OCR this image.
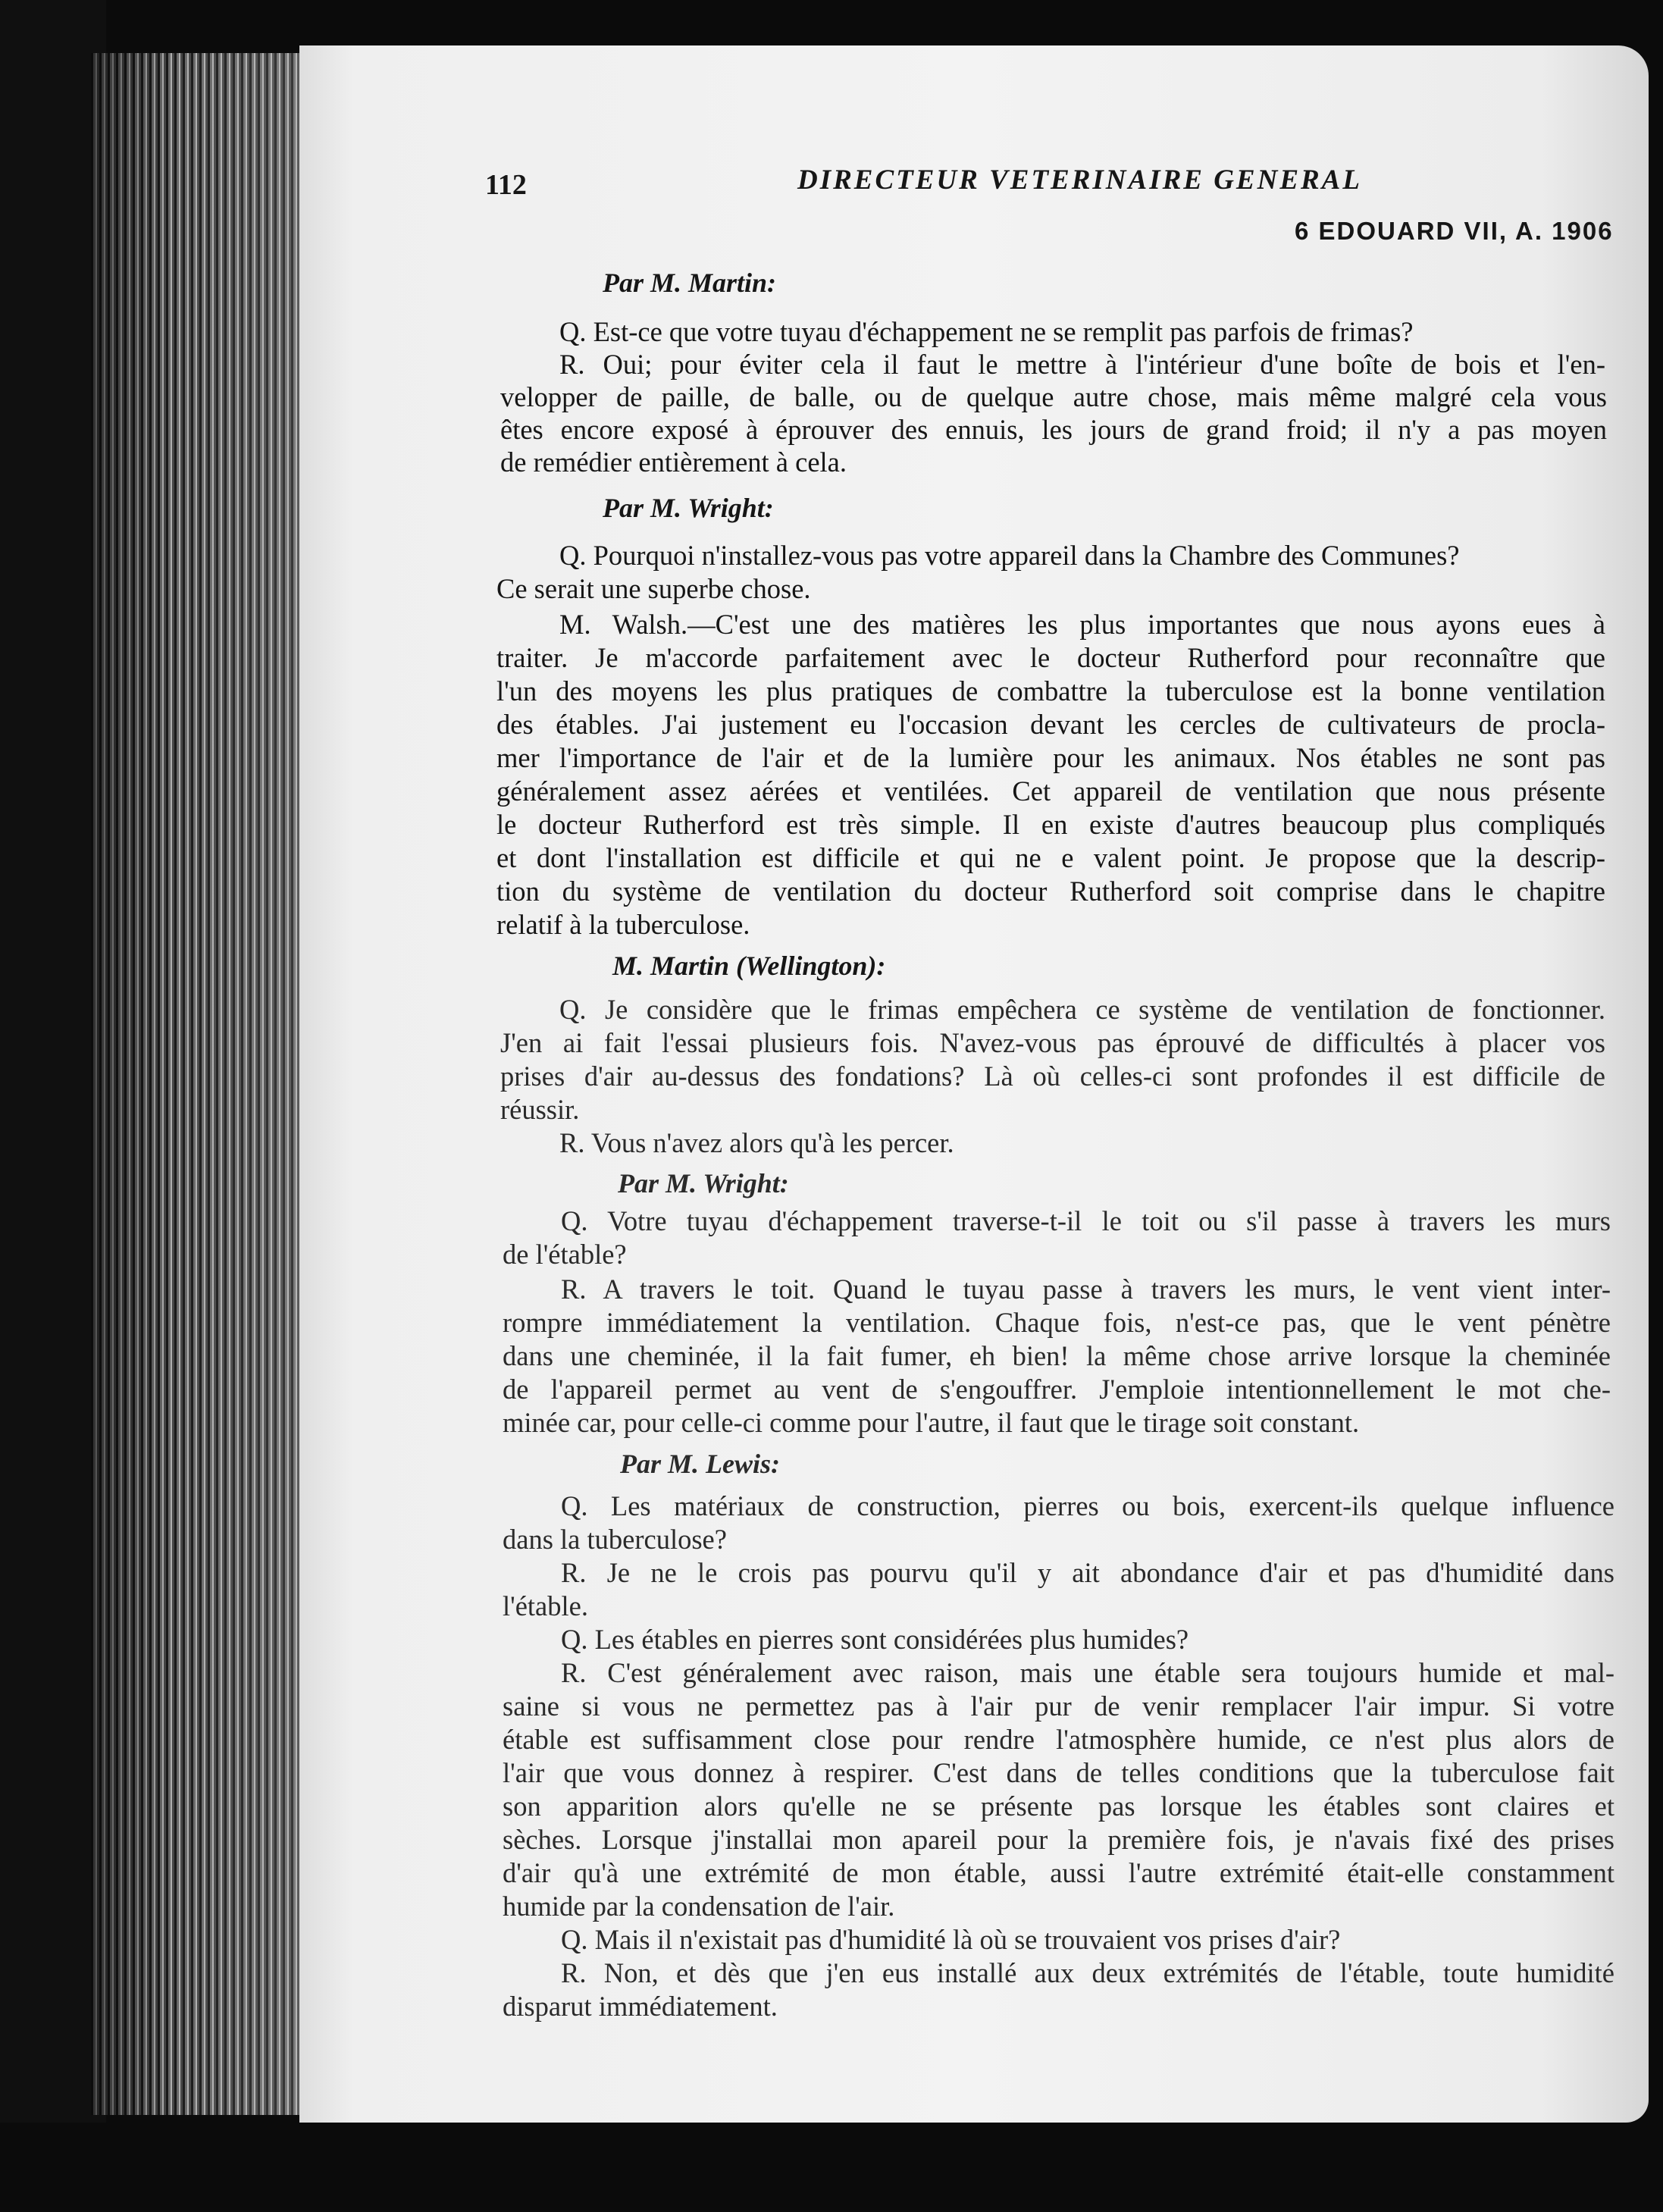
112	DIRECTEUR VETERINAIRE GENERAL
6 EDOUARD VII, A. 1906
Par M. Martin:
Q. Est-ce que votre tuyau d'échappement ne se remplit pas parfois de frimas?
R. Oui; pour éviter cela il faut le mettre à l'intérieur d'une boîte de bois et l'en-
velopper de paille, de balle, ou de quelque autre chose, mais même malgré cela vous
êtes encore exposé à éprouver des ennuis, les jours de grand froid; il n'y a pas moyen
de remédier entièrement à cela.
Par M. Wright:
Q. Pourquoi n'installez-vous pas votre appareil dans la Chambre des Communes?
Ce serait une superbe chose.
M. Walsh.—C'est une des matières les plus importantes que nous ayons eues à
traiter. Je m'accorde parfaitement avec le docteur Rutherford pour reconnaître que
l'un des moyens les plus pratiques de combattre la tuberculose est la bonne ventilation
des étables. J'ai justement eu l'occasion devant les cercles de cultivateurs de procla-
mer l'importance de l'air et de la lumière pour les animaux. Nos étables ne sont pas
généralement assez aérées et ventilées. Cet appareil de ventilation que nous présente
le docteur Rutherford est très simple. Il en existe d'autres beaucoup plus compliqués
et dont l'installation est difficile et qui ne e valent point. Je propose que la descrip-
tion du système de ventilation du docteur Rutherford soit comprise dans le chapitre
relatif à la tuberculose.
M. Martin (Wellington):
Q. Je considère que le frimas empêchera ce système de ventilation de fonctionner.
J'en ai fait l'essai plusieurs fois. N'avez-vous pas éprouvé de difficultés à placer vos
prises d'air au-dessus des fondations? Là où celles-ci sont profondes il est difficile de
réussir.
R. Vous n'avez alors qu'à les percer.
Par M. Wright:
Q. Votre tuyau d'échappement traverse-t-il le toit ou s'il passe à travers les murs
de l'étable?
R. A travers le toit. Quand le tuyau passe à travers les murs, le vent vient inter-
rompre immédiatement la ventilation. Chaque fois, n'est-ce pas, que le vent pénètre
dans une cheminée, il la fait fumer, eh bien! la même chose arrive lorsque la cheminée
de l'appareil permet au vent de s'engouffrer. J'emploie intentionnellement le mot che-
minée car, pour celle-ci comme pour l'autre, il faut que le tirage soit constant.
Par M. Lewis:
Q. Les matériaux de construction, pierres ou bois, exercent-ils quelque influence
dans la tuberculose?
R. Je ne le crois pas pourvu qu'il y ait abondance d'air et pas d'humidité dans
l'étable.
Q. Les étables en pierres sont considérées plus humides?
R. C'est généralement avec raison, mais une étable sera toujours humide et mal-
saine si vous ne permettez pas à l'air pur de venir remplacer l'air impur. Si votre
étable est suffisamment close pour rendre l'atmosphère humide, ce n'est plus alors de
l'air que vous donnez à respirer. C'est dans de telles conditions que la tuberculose fait
son apparition alors qu'elle ne se présente pas lorsque les étables sont claires et
sèches. Lorsque j'installai mon apareil pour la première fois, je n'avais fixé des prises
d'air qu'à une extrémité de mon étable, aussi l'autre extrémité était-elle constamment
humide par la condensation de l'air.
Q. Mais il n'existait pas d'humidité là où se trouvaient vos prises d'air?
R. Non, et dès que j'en eus installé aux deux extrémités de l'étable, toute humidité
disparut immédiatement.
